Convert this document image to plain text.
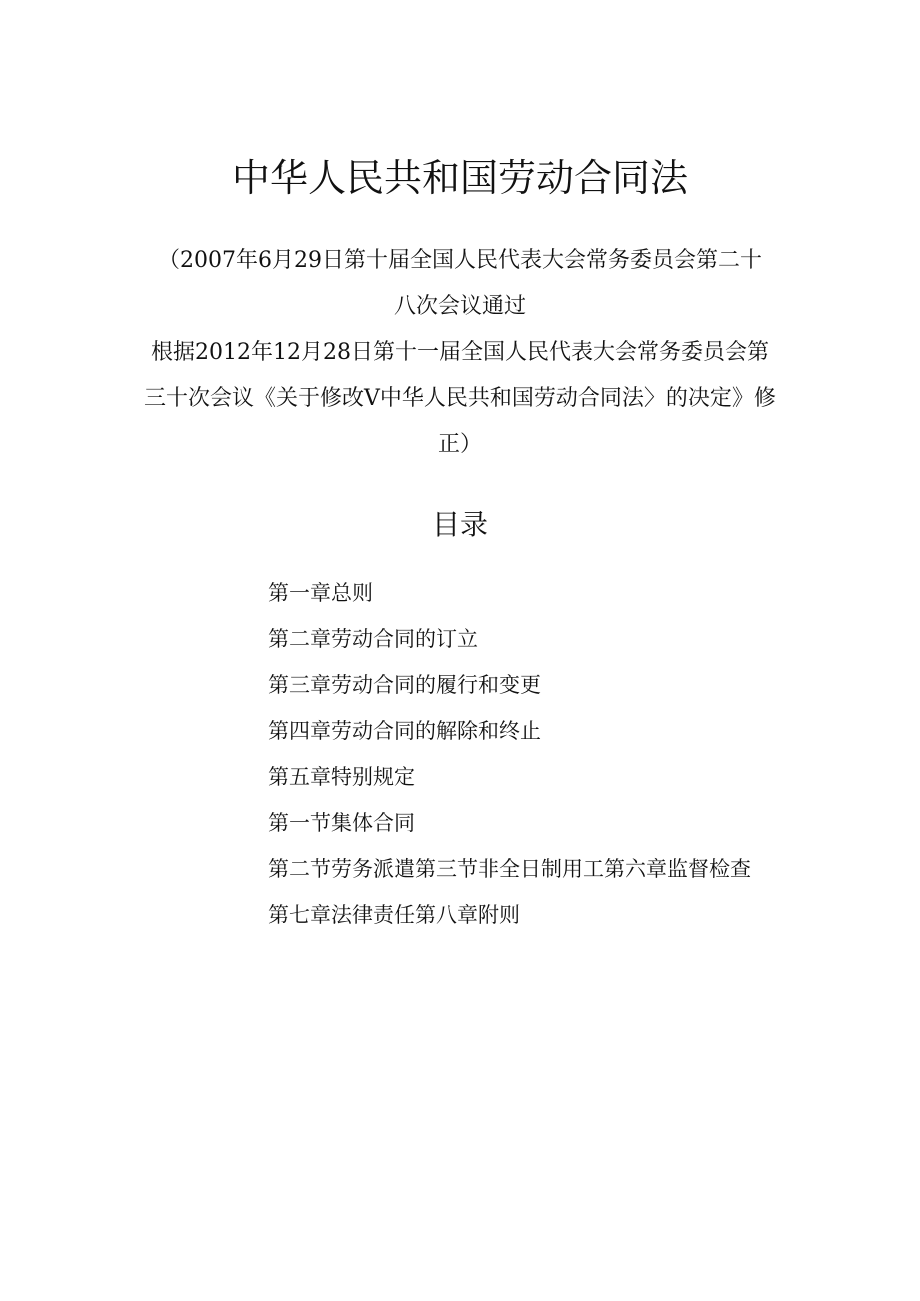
中华人民共和国劳动合同法
（2007年6月29日第十届全国人民代表大会常务委员会第二十
八次会议通过
根据2012年12月28日第十一届全国人民代表大会常务委员会第
三十次会议《关于修改V中华人民共和国劳动合同法〉的决定》修
正）
目录
第一章总则
第二章劳动合同的订立
第三章劳动合同的履行和变更
第四章劳动合同的解除和终止
第五章特别规定
第一节集体合同
第二节劳务派遣第三节非全日制用工第六章监督检查
第七章法律责任第八章附则
